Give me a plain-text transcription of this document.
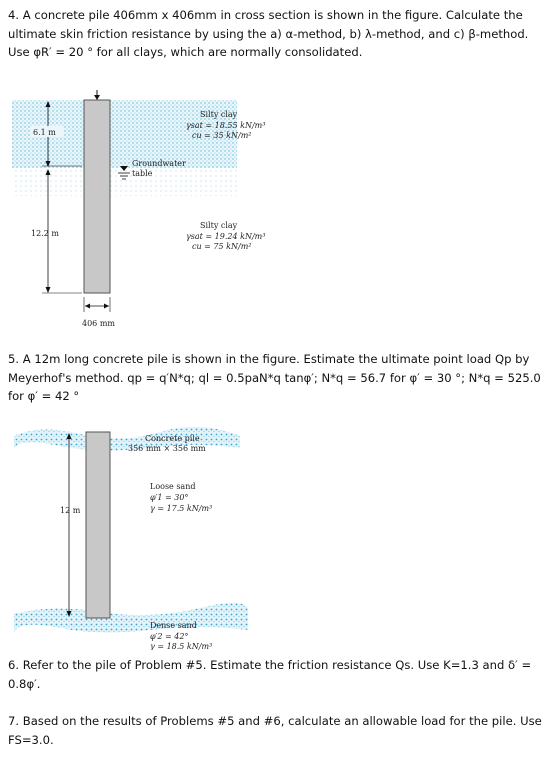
4. A concrete pile 406mm x 406mm in cross section is shown in the figure. Calculate the ultimate skin friction resistance by using the a) α-method, b) λ-method, and c) β-method. Use φR′ = 20 ° for all clays, which are normally consolidated.
Groundwater
table
6.1 m
12.2 m
406 mm
Silty clay
γsat = 18.55 kN/m³
cu = 35 kN/m²
Silty clay
γsat = 19.24 kN/m³
cu = 75 kN/m²
5. A 12m long concrete pile is shown in the figure. Estimate the ultimate point load Qp by Meyerhof's method. qp = q′N*q; ql = 0.5paN*q tanφ′; N*q = 56.7 for φ′ = 30 °; N*q = 525.0 for φ′ = 42 °
12 m
Concrete pile
356 mm × 356 mm
Loose sand
φ′1 = 30°
γ = 17.5 kN/m³
Dense sand
φ′2 = 42°
γ = 18.5 kN/m³
6. Refer to the pile of Problem #5. Estimate the friction resistance Qs. Use K=1.3 and δ′ = 0.8φ′.
7. Based on the results of Problems #5 and #6, calculate an allowable load for the pile. Use FS=3.0.
